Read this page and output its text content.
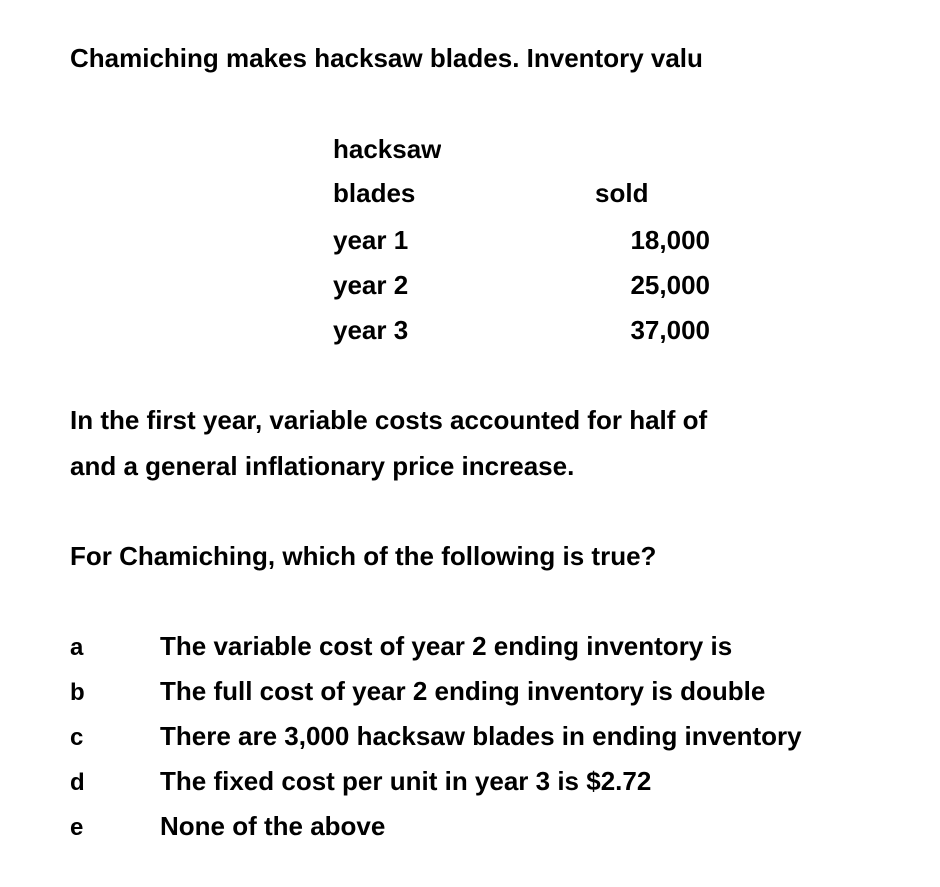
Chamiching makes hacksaw blades. Inventory valu
hacksaw
blades	sold
year 1	18,000
year 2	25,000
year 3	37,000
In the first year, variable costs accounted for half of
and a general inflationary price increase.
For Chamiching, which of the following is true?
a	The variable cost of year 2 ending inventory is
b	The full cost of year 2 ending inventory is double
c	There are 3,000 hacksaw blades in ending inventory
d	The fixed cost per unit in year 3 is $2.72
e	None of the above
